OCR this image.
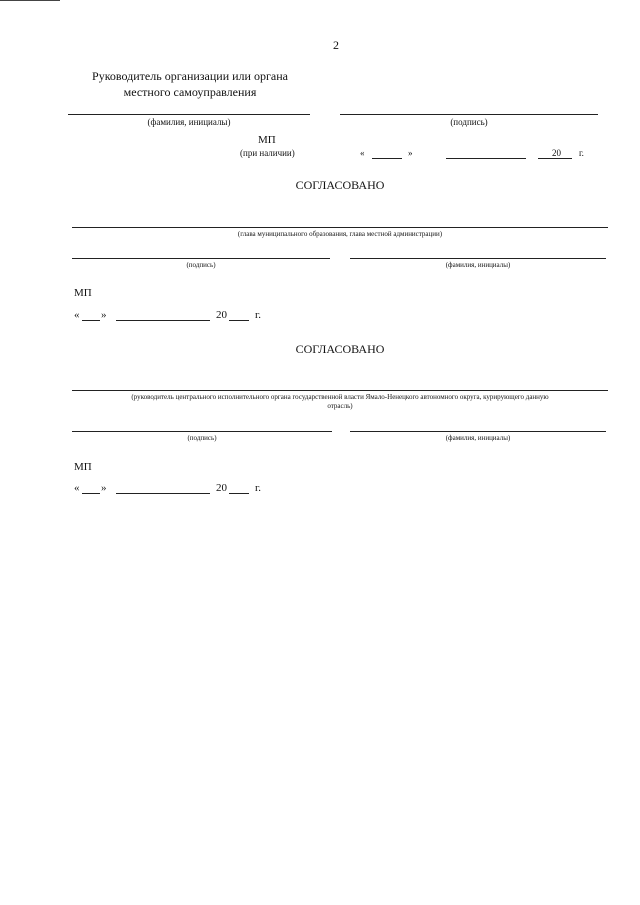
2
Руководитель организации или органа
местного самоуправления
(фамилия, инициалы)	(подпись)
МП
(при наличии)	«	»	20 г.
СОГЛАСОВАНО
(глава муниципального образования, глава местной администрации)
(подпись)	(фамилия, инициалы)
МП
« »	20	г.
СОГЛАСОВАНО
(руководитель центрального исполнительного органа государственной власти Ямало-Ненецкого автономного округа, курирующего данную
отрасль)
(подпись)	(фамилия, инициалы)
МП
« »	20	г.
